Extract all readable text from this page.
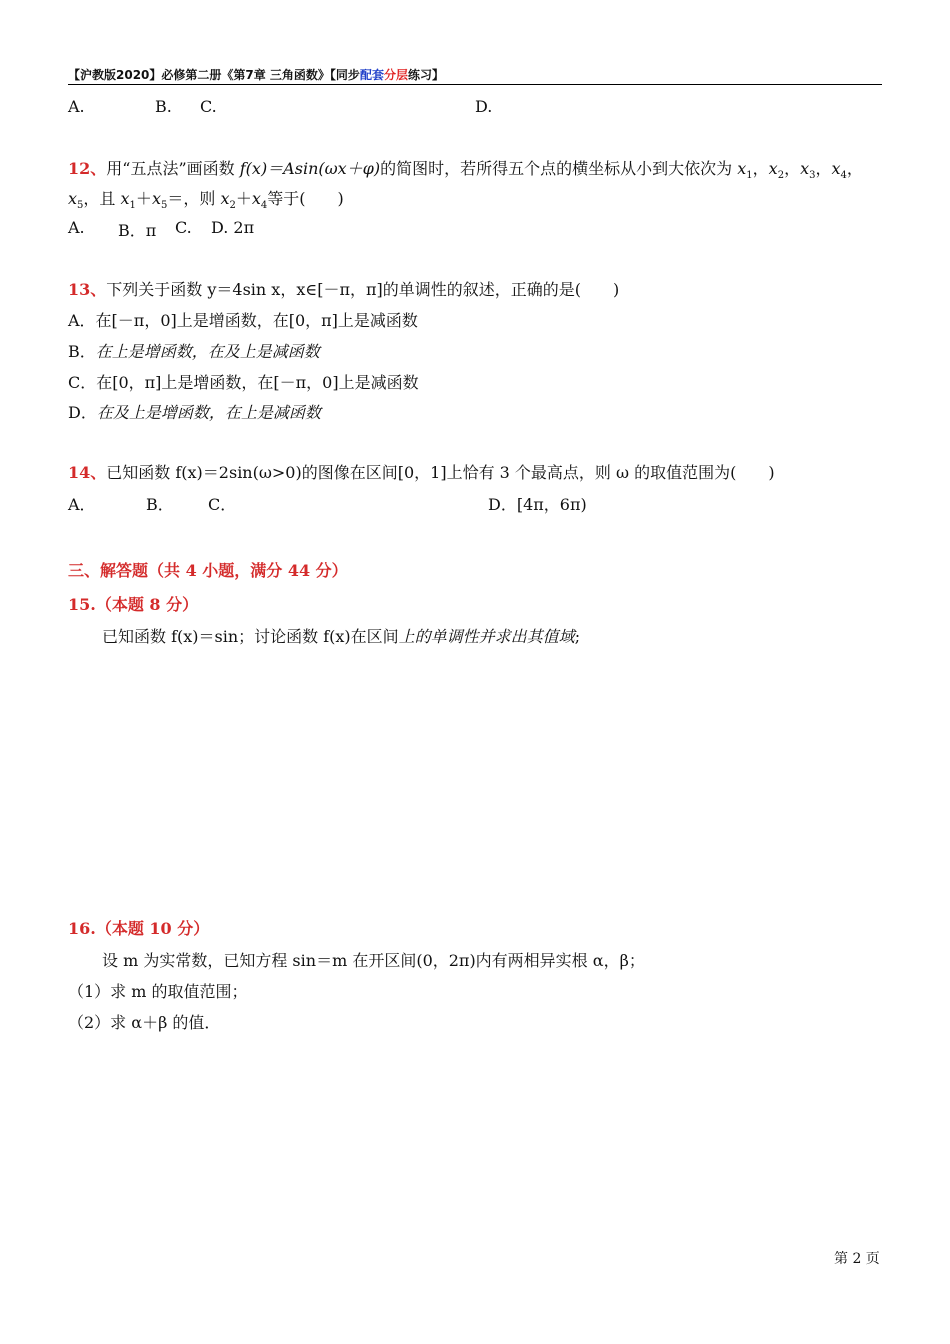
【沪教版2020】必修第二册《第7章 三角函数》【同步配套分层练习】
A.	B. C.	D.
12、用“五点法”画函数 f(x)＝Asin(ωx＋φ)的简图时，若所得五个点的横坐标从小到大依次为 $x_1$，$x_2$，$x_3$，$x_4$，
$x_5$，且 $x_1+x_5=$，则 $x_2+x_4$等于(　　)
A. B．π C. D. 2π
13、下列关于函数 y＝4sin x，x∈[－π，π]的单调性的叙述，正确的是(　　)
A．在[－π，0]上是增函数，在[0，π]上是减函数
B．在上是增函数，在及上是减函数
C．在[0，π]上是增函数，在[－π，0]上是减函数
D．在及上是增函数，在上是减函数
14、已知函数 f(x)＝2sin(ω>0)的图像在区间[0，1]上恰有 3 个最高点，则 ω 的取值范围为(　　)
A．	B． C．	D．[4π，6π)
三、解答题（共 4 小题，满分 44 分）
15.（本题 8 分）
已知函数 f(x)＝sin；讨论函数 f(x)在区间上的单调性并求出其值域;
16.（本题 10 分）
设 m 为实常数，已知方程 sin＝m 在开区间(0，2π)内有两相异实根 α，β；
（1）求 m 的取值范围；
（2）求 α＋β 的值．
第 2 页
